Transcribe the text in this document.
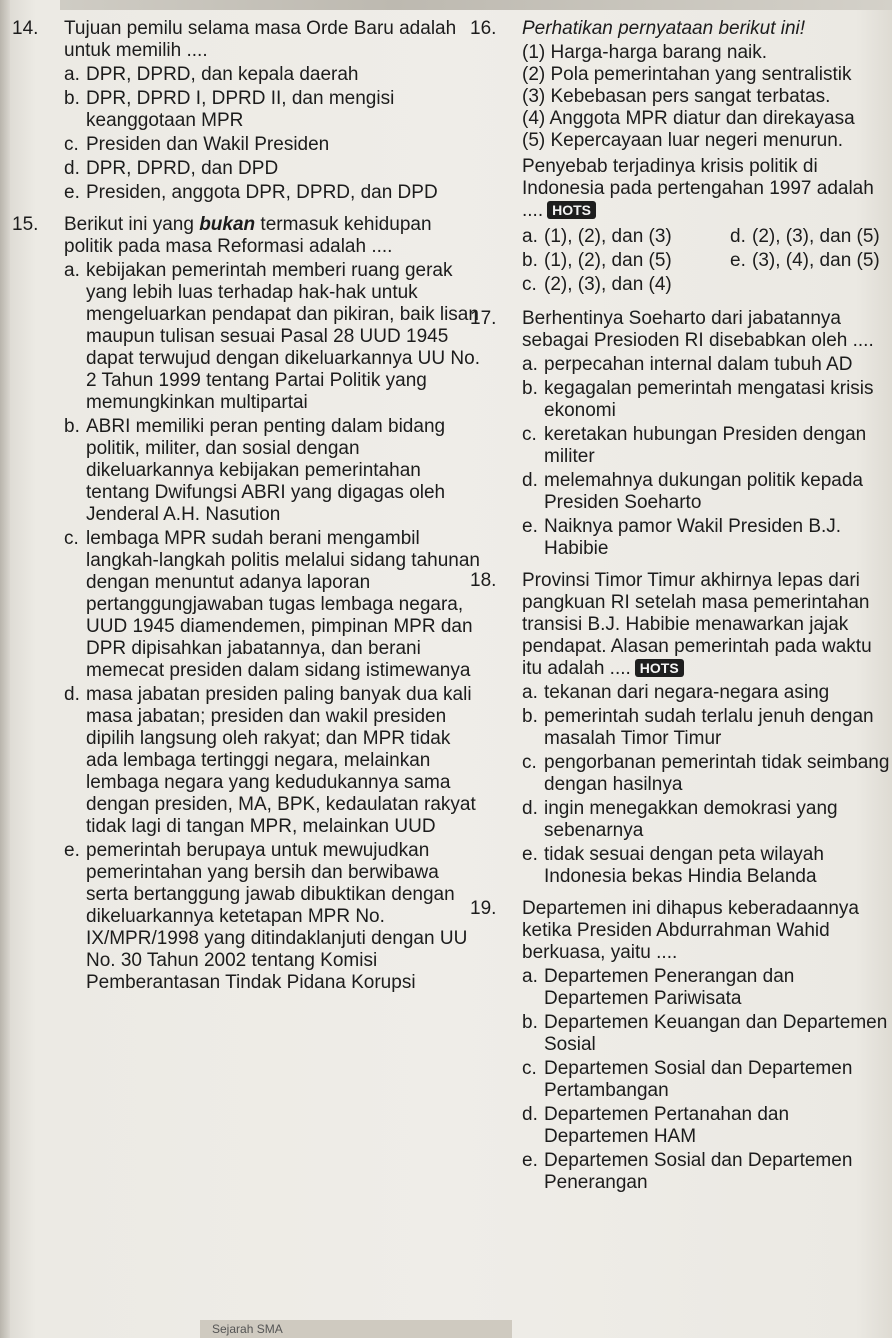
14.	Tujuan pemilu selama masa Orde Baru adalah untuk memilih ....
a. DPR, DPRD, dan kepala daerah
b. DPR, DPRD I, DPRD II, dan mengisi keanggotaan MPR
c. Presiden dan Wakil Presiden
d. DPR, DPRD, dan DPD
e. Presiden, anggota DPR, DPRD, dan DPD
15.	Berikut ini yang bukan termasuk kehidupan politik pada masa Reformasi adalah ....
a. kebijakan pemerintah memberi ruang gerak yang lebih luas terhadap hak-hak untuk mengeluarkan pendapat dan pikiran, baik lisan maupun tulisan sesuai Pasal 28 UUD 1945 dapat terwujud dengan dikeluarkannya UU No. 2 Tahun 1999 tentang Partai Politik yang memungkinkan multipartai
b. ABRI memiliki peran penting dalam bidang politik, militer, dan sosial dengan dikeluarkannya kebijakan pemerintahan tentang Dwifungsi ABRI yang digagas oleh Jenderal A.H. Nasution
c. lembaga MPR sudah berani mengambil langkah-langkah politis melalui sidang tahunan dengan menuntut adanya laporan pertanggungjawaban tugas lembaga negara, UUD 1945 diamendemen, pimpinan MPR dan DPR dipisahkan jabatannya, dan berani memecat presiden dalam sidang istimewanya
d. masa jabatan presiden paling banyak dua kali masa jabatan; presiden dan wakil presiden dipilih langsung oleh rakyat; dan MPR tidak ada lembaga tertinggi negara, melainkan lembaga negara yang kedudukannya sama dengan presiden, MA, BPK, kedaulatan rakyat tidak lagi di tangan MPR, melainkan UUD
e. pemerintah berupaya untuk mewujudkan pemerintahan yang bersih dan berwibawa serta bertanggung jawab dibuktikan dengan dikeluarkannya ketetapan MPR No. IX/MPR/1998 yang ditindaklanjuti dengan UU No. 30 Tahun 2002 tentang Komisi Pemberantasan Tindak Pidana Korupsi
16.	Perhatikan pernyataan berikut ini!
(1) Harga-harga barang naik.
(2) Pola pemerintahan yang sentralistik
(3) Kebebasan pers sangat terbatas.
(4) Anggota MPR diatur dan direkayasa
(5) Kepercayaan luar negeri menurun.
Penyebab terjadinya krisis politik di Indonesia pada pertengahan 1997 adalah .... HOTS
a. (1), (2), dan (3)	d. (2), (3), dan (5)
b. (1), (2), dan (5)	e. (3), (4), dan (5)
c. (2), (3), dan (4)
17.	Berhentinya Soeharto dari jabatannya sebagai Presioden RI disebabkan oleh ....
a. perpecahan internal dalam tubuh AD
b. kegagalan pemerintah mengatasi krisis ekonomi
c. keretakan hubungan Presiden dengan militer
d. melemahnya dukungan politik kepada Presiden Soeharto
e. Naiknya pamor Wakil Presiden B.J. Habibie
18.	Provinsi Timor Timur akhirnya lepas dari pangkuan RI setelah masa pemerintahan transisi B.J. Habibie menawarkan jajak pendapat. Alasan pemerintah pada waktu itu adalah .... HOTS
a. tekanan dari negara-negara asing
b. pemerintah sudah terlalu jenuh dengan masalah Timor Timur
c. pengorbanan pemerintah tidak seimbang dengan hasilnya
d. ingin menegakkan demokrasi yang sebenarnya
e. tidak sesuai dengan peta wilayah Indonesia bekas Hindia Belanda
19.	Departemen ini dihapus keberadaannya ketika Presiden Abdurrahman Wahid berkuasa, yaitu ....
a. Departemen Penerangan dan Departemen Pariwisata
b. Departemen Keuangan dan Departemen Sosial
c. Departemen Sosial dan Departemen Pertambangan
d. Departemen Pertanahan dan Departemen HAM
e. Departemen Sosial dan Departemen Penerangan
Sejarah SMA
